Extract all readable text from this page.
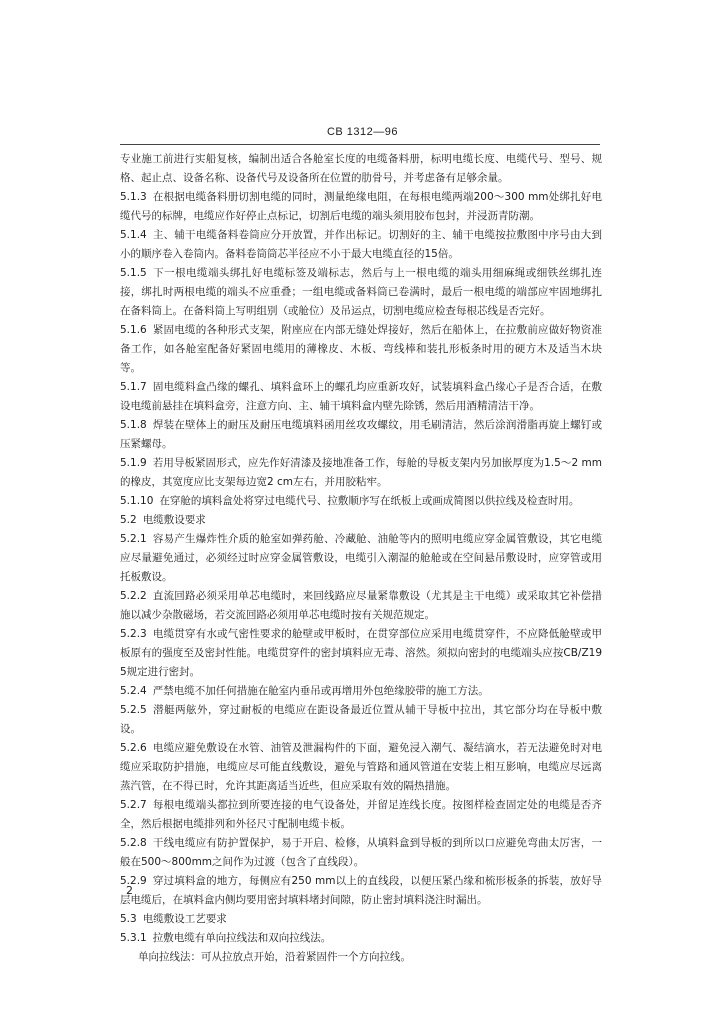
CB 1312—96

专业施工前进行实船复核，编制出适合各舱室长度的电缆备料册，标明电缆长度、电缆代号、型号、规格、起止点、设备名称、设备代号及设备所在位置的肋骨号，并考虑备有足够余量。

5.1.3 在根据电缆备料册切割电缆的同时，测量绝缘电阻，在每根电缆两端200～300 mm处绑扎好电缆代号的标牌，电缆应作好停止点标记，切割后电缆的端头须用胶布包封，并浸沥青防潮。

5.1.4 主、辅干电缆备料卷筒应分开放置，并作出标记。切割好的主、辅干电缆按拉敷图中序号由大到小的顺序卷入卷筒内。备料卷筒筒芯半径应不小于最大电缆直径的15倍。

5.1.5 下一根电缆端头绑扎好电缆标签及端标志，然后与上一根电缆的端头用细麻绳或细铁丝绑扎连接，绑扎时两根电缆的端头不应重叠；一组电缆或备料筒已卷满时，最后一根电缆的端部应牢固地绑扎在备料筒上。在备料筒上写明组别（或舱位）及吊运点，切割电缆应检查每根芯线是否完好。

5.1.6 紧固电缆的各种形式支架，附座应在内部无缝处焊接好，然后在船体上，在拉敷前应做好物资准备工作，如各舱室配备好紧固电缆用的薄橡皮、木板、弯线棒和装扎形板条时用的硬方木及适当木块等。

5.1.7 固电缆料盒凸缘的螺孔、填料盒环上的螺孔均应重新攻好，试装填料盒凸缘心子是否合适，在敷设电缆前悬挂在填料盒旁，注意方向、主、辅干填料盒内壁先除锈，然后用酒精清洁干净。

5.1.8 焊装在壁体上的耐压及耐压电缆填料函用丝攻攻螺纹，用毛刷清洁，然后涂润滑脂再旋上螺钉或压紧螺母。

5.1.9 若用导板紧固形式，应先作好清漆及接地准备工作，每舱的导板支架内另加嵌厚度为1.5～2 mm的橡皮，其宽度应比支架每边宽2 cm左右，并用胶粘牢。

5.1.10 在穿舱的填料盒处将穿过电缆代号、拉敷顺序写在纸板上或画成简图以供拉线及检查时用。

5.2 电缆敷设要求

5.2.1 容易产生爆炸性介质的舱室如弹药舱、冷藏舱、油舱等内的照明电缆应穿金属管敷设，其它电缆应尽量避免通过，必须经过时应穿金属管敷设，电缆引入潮湿的舱舱或在空间悬吊敷设时，应穿管或用托板敷设。

5.2.2 直流回路必须采用单芯电缆时，来回线路应尽量紧靠敷设（尤其是主干电缆）或采取其它补偿措施以减少杂散磁场，若交流回路必须用单芯电缆时按有关规范规定。

5.2.3 电缆贯穿有水或气密性要求的舱壁或甲板时，在贯穿部位应采用电缆贯穿件，不应降低舱壁或甲板原有的强度至及密封性能。电缆贯穿件的密封填料应无毒、溶然。须拟向密封的电缆端头应按CB/Z195规定进行密封。

5.2.4 严禁电缆不加任何措施在舱室内垂吊或再增用外包绝缘胶带的施工方法。

5.2.5 潜艇两舷外，穿过耐板的电缆应在距设备最近位置从辅干导板中拉出，其它部分均在导板中敷设。

5.2.6 电缆应避免敷设在水管、油管及泄漏构件的下面，避免浸入潮气、凝结滴水，若无法避免时对电缆应采取防护措施，电缆应尽可能直线敷设，避免与管路和通风管道在安装上相互影响，电缆应尽远离蒸汽管，在不得已时，允许其距离适当近些，但应采取有效的隔热措施。

5.2.7 每根电缆端头都拉到所要连接的电气设备处，并留足连线长度。按图样检查固定处的电缆是否齐全，然后根据电缆排列和外径尺寸配制电缆卡板。

5.2.8 干线电缆应有防护置保护，易于开启、检修，从填料盒到导板的到所以口应避免弯曲太厉害，一般在500～800mm之间作为过渡（包含了直线段）。

5.2.9 穿过填料盒的地方，每侧应有250 mm以上的直线段，以便压紧凸缘和梳形板条的拆装，放好导层电缆后，在填料盒内侧均要用密封填料堵封间隙，防止密封填料浇注时漏出。

5.3 电缆敷设工艺要求

5.3.1 拉敷电缆有单向拉线法和双向拉线法。

单向拉线法：可从拉放点开始，沿着紧固件一个方向拉线。

2
